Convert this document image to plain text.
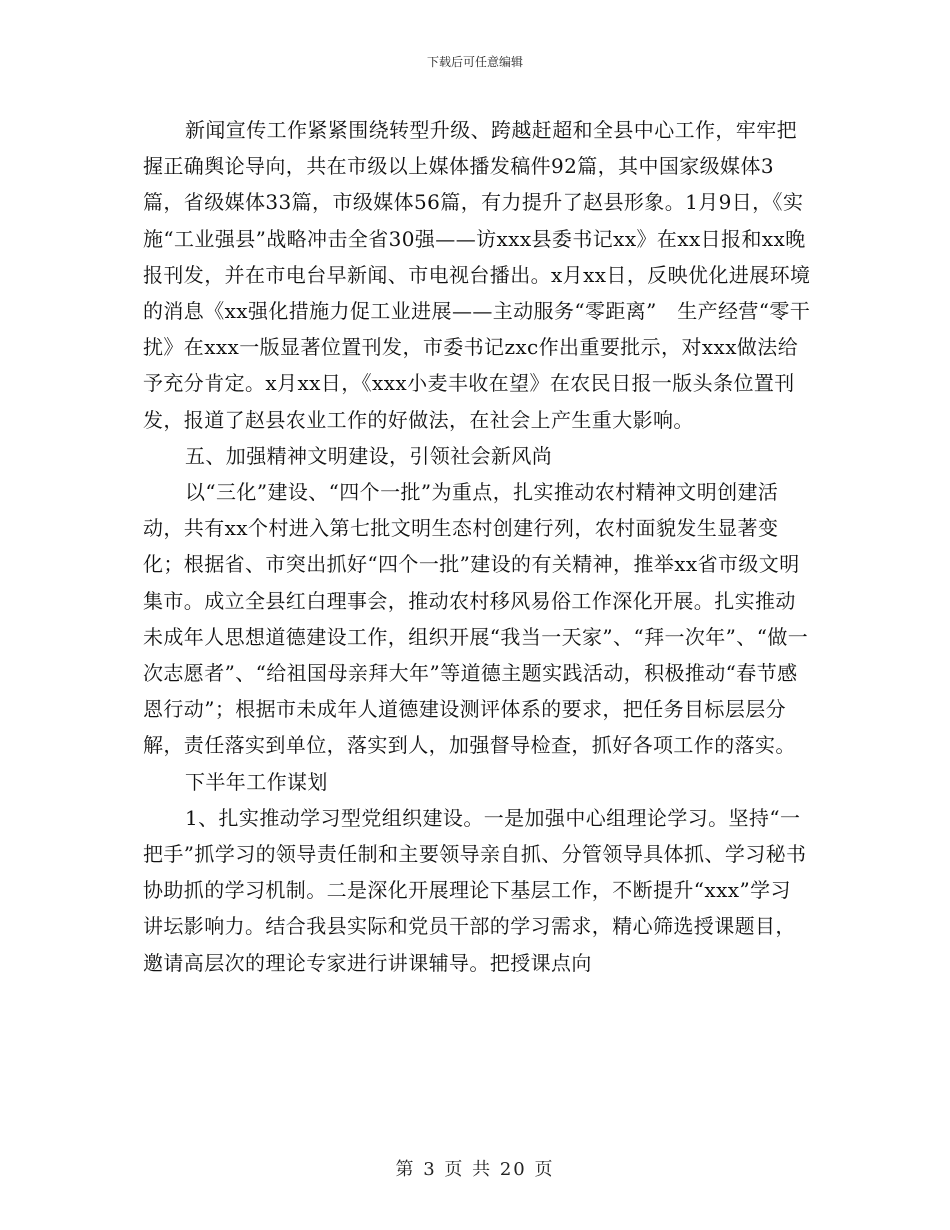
下载后可任意编辑

新闻宣传工作紧紧围绕转型升级、跨越赶超和全县中心工作，牢牢把握正确舆论导向，共在市级以上媒体播发稿件92篇，其中国家级媒体3篇，省级媒体33篇，市级媒体56篇，有力提升了赵县形象。1月9日，《实施“工业强县”战略冲击全省30强——访xxx县委书记xx》在xx日报和xx晚报刊发，并在市电台早新闻、市电视台播出。x月xx日，反映优化进展环境的消息《xx强化措施力促工业进展——主动服务“零距离”　生产经营“零干扰》在xxx一版显著位置刊发，市委书记zxc作出重要批示，对xxx做法给予充分肯定。x月xx日，《xxx小麦丰收在望》在农民日报一版头条位置刊发，报道了赵县农业工作的好做法，在社会上产生重大影响。

五、加强精神文明建设，引领社会新风尚

以“三化”建设、“四个一批”为重点，扎实推动农村精神文明创建活动，共有xx个村进入第七批文明生态村创建行列，农村面貌发生显著变化；根据省、市突出抓好“四个一批”建设的有关精神，推举xx省市级文明集市。成立全县红白理事会，推动农村移风易俗工作深化开展。扎实推动未成年人思想道德建设工作，组织开展“我当一天家”、“拜一次年”、“做一次志愿者”、“给祖国母亲拜大年”等道德主题实践活动，积极推动“春节感恩行动”；根据市未成年人道德建设测评体系的要求，把任务目标层层分解，责任落实到单位，落实到人，加强督导检查，抓好各项工作的落实。

下半年工作谋划

1、扎实推动学习型党组织建设。一是加强中心组理论学习。坚持“一把手”抓学习的领导责任制和主要领导亲自抓、分管领导具体抓、学习秘书协助抓的学习机制。二是深化开展理论下基层工作，不断提升“xxx”学习讲坛影响力。结合我县实际和党员干部的学习需求，精心筛选授课题目，邀请高层次的理论专家进行讲课辅导。把授课点向

第 3 页 共 20 页
